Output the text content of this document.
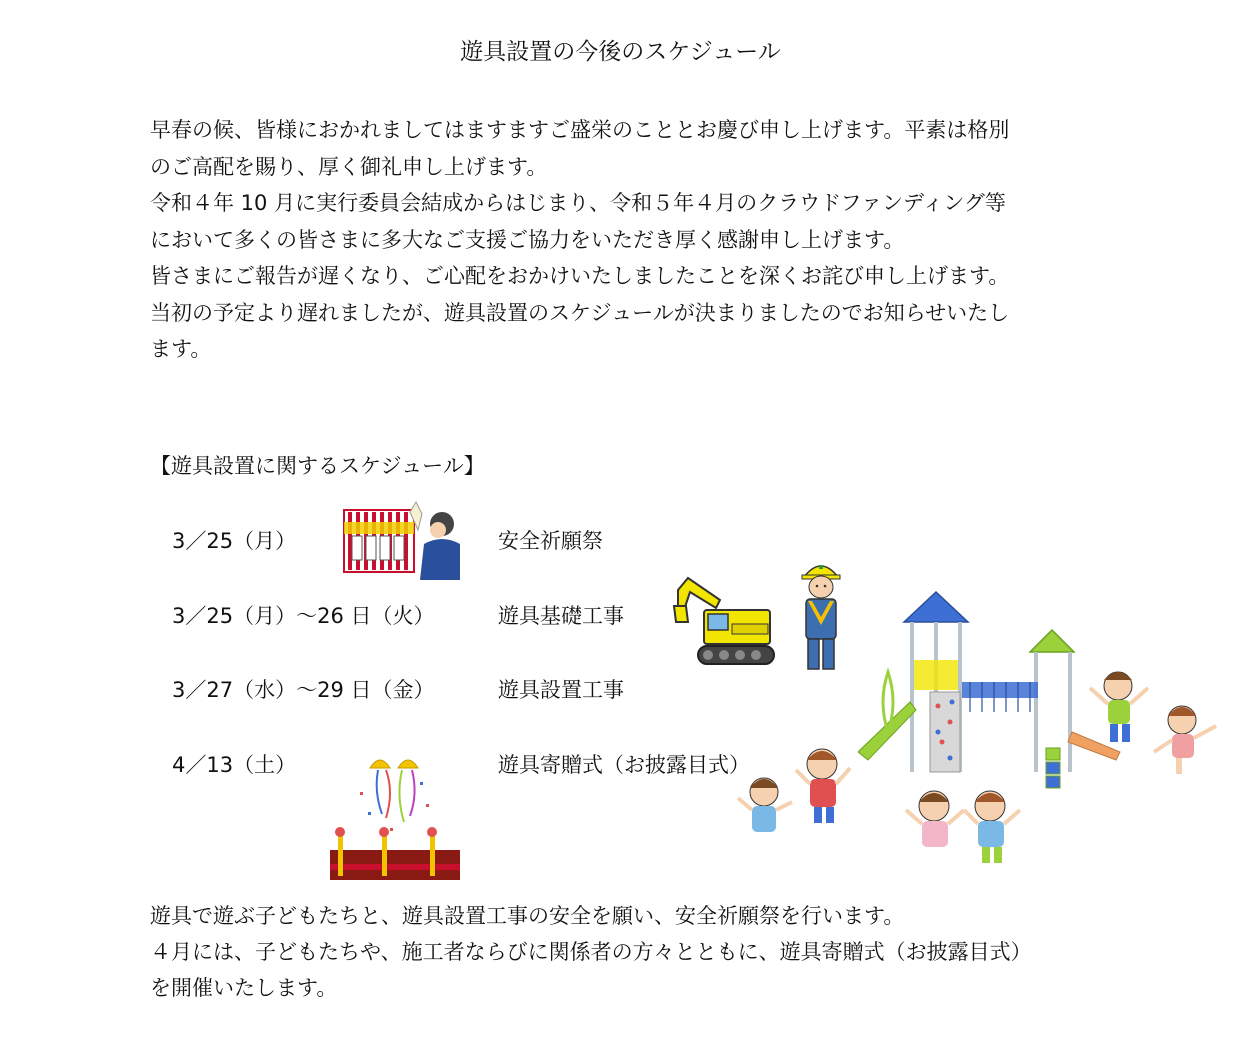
遊具設置の今後のスケジュール
早春の候、皆様におかれましてはますますご盛栄のこととお慶び申し上げます。平素は格別
のご高配を賜り、厚く御礼申し上げます。
令和４年 10 月に実行委員会結成からはじまり、令和５年４月のクラウドファンディング等
において多くの皆さまに多大なご支援ご協力をいただき厚く感謝申し上げます。
皆さまにご報告が遅くなり、ご心配をおかけいたしましたことを深くお詫び申し上げます。
当初の予定より遅れましたが、遊具設置のスケジュールが決まりましたのでお知らせいたし
ます。
【遊具設置に関するスケジュール】
3／25（月）	安全祈願祭
3／25（月）～26 日（火）	遊具基礎工事
3／27（水）～29 日（金）	遊具設置工事
4／13（土）	遊具寄贈式（お披露目式）
遊具で遊ぶ子どもたちと、遊具設置工事の安全を願い、安全祈願祭を行います。
４月には、子どもたちや、施工者ならびに関係者の方々とともに、遊具寄贈式（お披露目式）
を開催いたします。
